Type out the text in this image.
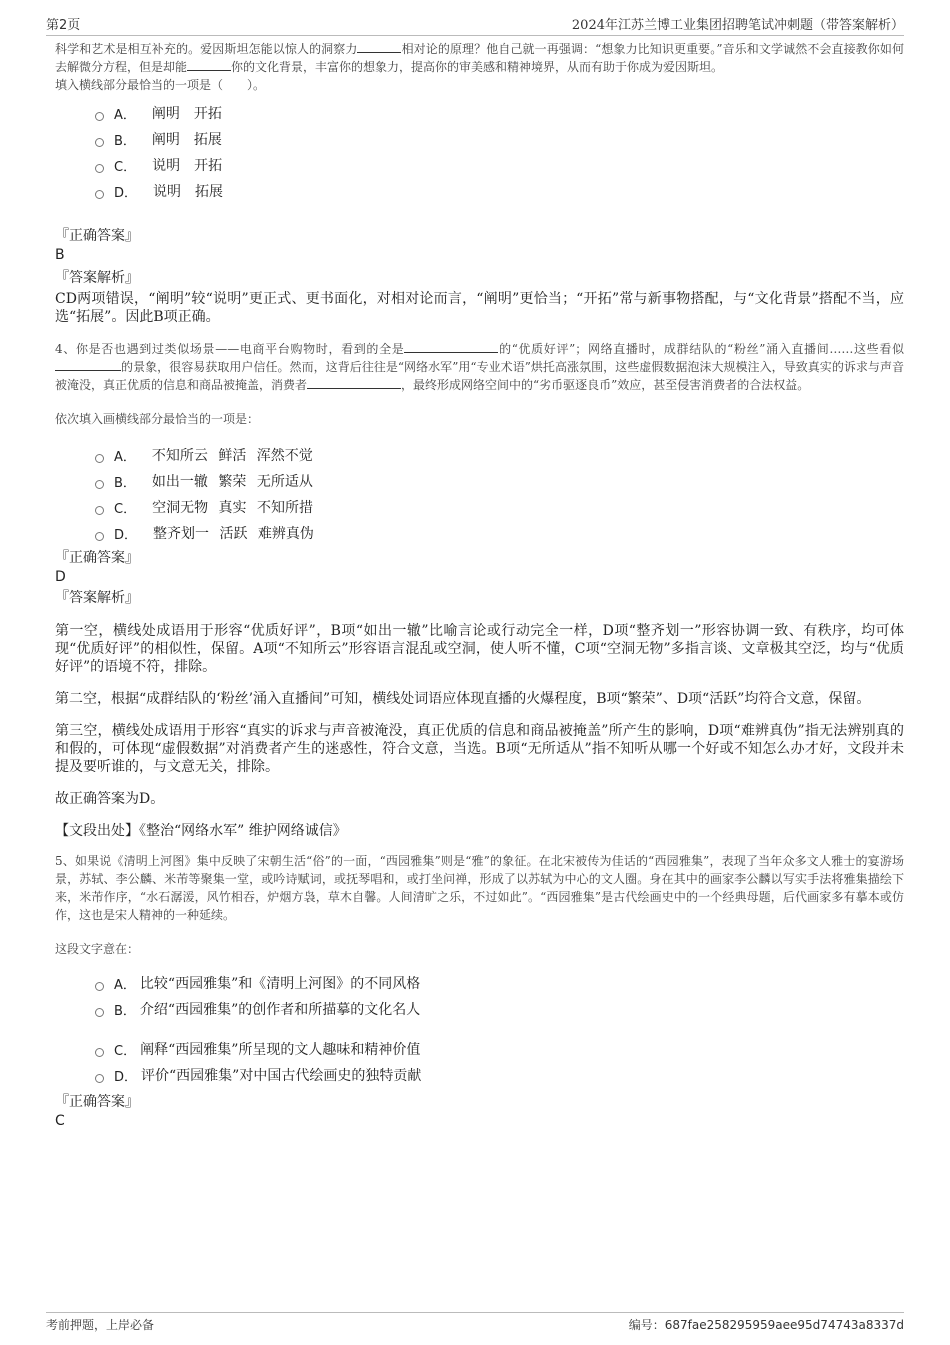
第2页	2024年江苏兰博工业集团招聘笔试冲刺题（带答案解析）
科学和艺术是相互补充的。爱因斯坦怎能以惊人的洞察力	相对论的原理？他自己就一再强调：“想象力比知识更重要。”音乐和文学诚然不会直接教你如何去解微分方程，但是却能	你的文化背景，丰富你的想象力，提高你的审美感和精神境界，从而有助于你成为爱因斯坦。
填入横线部分最恰当的一项是（　　）。
A． 阐明　开拓
B． 阐明　拓展
C． 说明　开拓
D． 说明　拓展
『正确答案』
B
『答案解析』
CD两项错误，“阐明”较“说明”更正式、更书面化，对相对论而言，“阐明”更恰当；“开拓”常与新事物搭配，与“文化背景”搭配不当，应选“拓展”。因此B项正确。
4、你是否也遇到过类似场景——电商平台购物时，看到的全是	的“优质好评”；网络直播时，成群结队的“粉丝”涌入直播间……这些看似的景象，很容易获取用户信任。然而，这背后往往是“网络水军”用“专业术语”烘托高涨氛围，这些虚假数据泡沫大规模注入，导致真实的诉求与声音被淹没，真正优质的信息和商品被掩盖，消费者	，最终形成网络空间中的“劣币驱逐良币”效应，甚至侵害消费者的合法权益。
依次填入画横线部分最恰当的一项是：
A． 不知所云 鲜活 浑然不觉
B． 如出一辙 繁荣 无所适从
C． 空洞无物 真实 不知所措
D． 整齐划一 活跃 难辨真伪
『正确答案』
D
『答案解析』
第一空，横线处成语用于形容“优质好评”，B项“如出一辙”比喻言论或行动完全一样，D项“整齐划一”形容协调一致、有秩序，均可体现“优质好评”的相似性，保留。A项“不知所云”形容语言混乱或空洞，使人听不懂，C项“空洞无物”多指言谈、文章极其空泛，均与“优质好评”的语境不符，排除。
第二空，根据“成群结队的‘粉丝’涌入直播间”可知，横线处词语应体现直播的火爆程度，B项“繁荣”、D项“活跃”均符合文意，保留。
第三空，横线处成语用于形容“真实的诉求与声音被淹没，真正优质的信息和商品被掩盖”所产生的影响，D项“难辨真伪”指无法辨别真的和假的，可体现“虚假数据”对消费者产生的迷惑性，符合文意，当选。B项“无所适从”指不知听从哪一个好或不知怎么办才好，文段并未提及要听谁的，与文意无关，排除。
故正确答案为D。
【文段出处】《整治“网络水军” 维护网络诚信》
5、如果说《清明上河图》集中反映了宋朝生活“俗”的一面，“西园雅集”则是“雅”的象征。在北宋被传为佳话的“西园雅集”，表现了当年众多文人雅士的宴游场景，苏轼、李公麟、米芾等聚集一堂，或吟诗赋词，或抚琴唱和，或打坐问禅，形成了以苏轼为中心的文人圈。身在其中的画家李公麟以写实手法将雅集描绘下来，米芾作序，“水石潺湲，风竹相吞，炉烟方袅，草木自馨。人间清旷之乐，不过如此”。“西园雅集”是古代绘画史中的一个经典母题，后代画家多有摹本或仿作，这也是宋人精神的一种延续。
这段文字意在：
A． 比较“西园雅集”和《清明上河图》的不同风格
B． 介绍“西园雅集”的创作者和所描摹的文化名人
C． 阐释“西园雅集”所呈现的文人趣味和精神价值
D． 评价“西园雅集”对中国古代绘画史的独特贡献
『正确答案』
C
考前押题，上岸必备	编号：687fae258295959aee95d74743a8337d
